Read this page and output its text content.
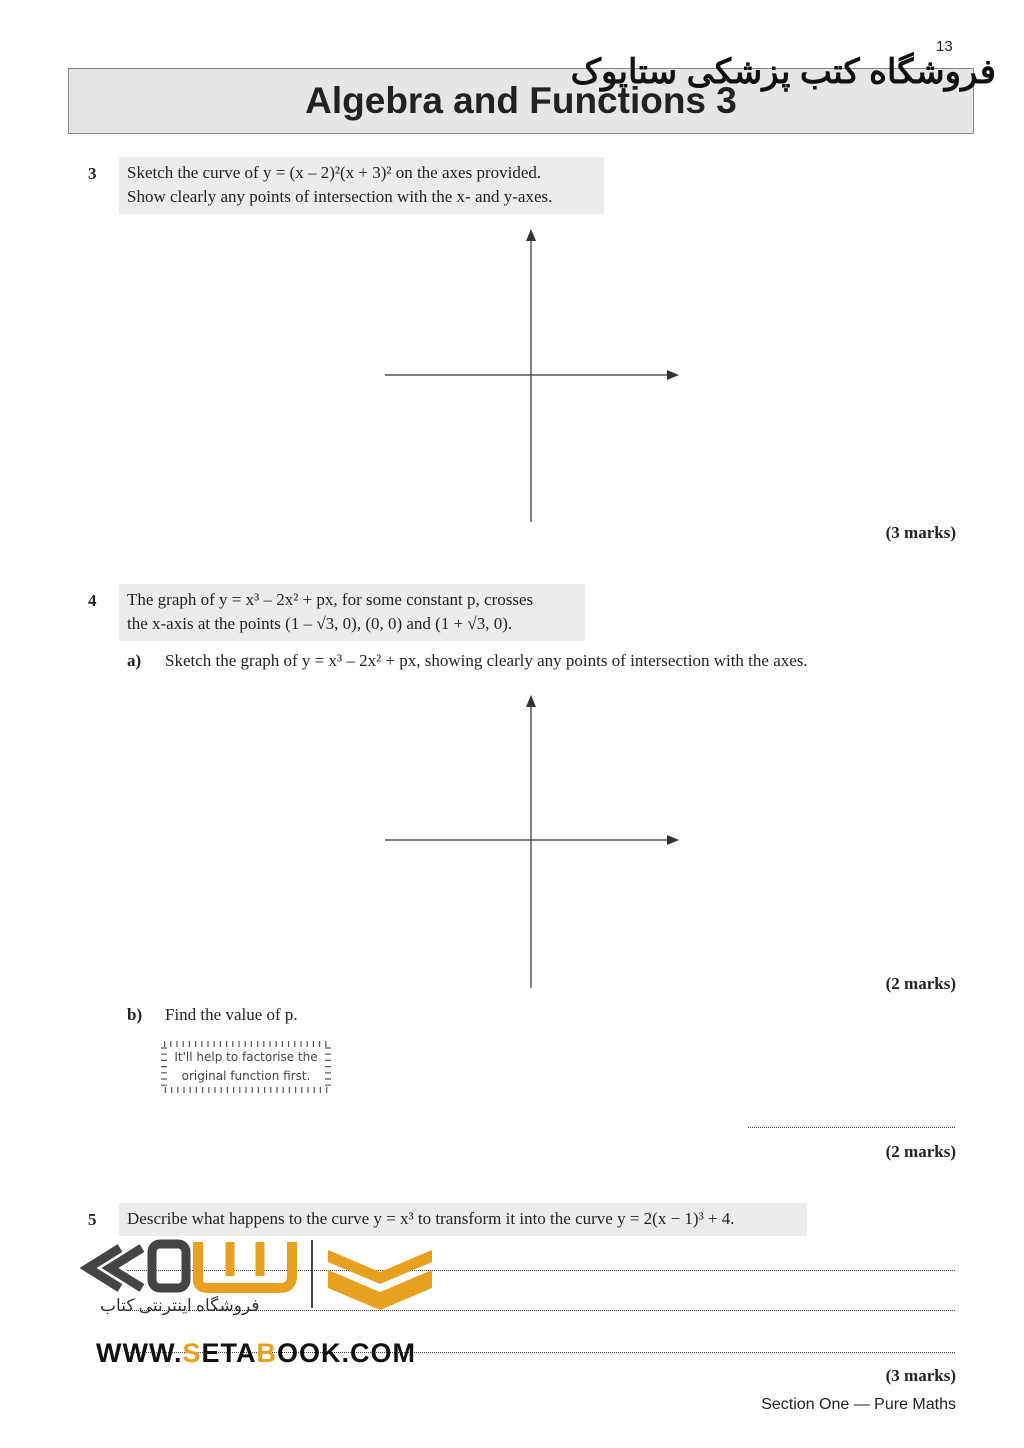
13
Algebra and Functions 3
فروشگاه کتب پزشکی ستاپوک
3 Sketch the curve of y = (x – 2)²(x + 3)² on the axes provided.
Show clearly any points of intersection with the x- and y-axes.
(3 marks)
4 The graph of y = x³ – 2x² + px, for some constant p, crosses
the x-axis at the points (1 – √3, 0), (0, 0) and (1 + √3, 0).
a) Sketch the graph of y = x³ – 2x² + px, showing clearly any points of intersection with the axes.
(2 marks)
b) Find the value of p.
It'll help to factorise the
original function first.
(2 marks)
5 Describe what happens to the curve y = x³ to transform it into the curve y = 2(x − 1)³ + 4.
(3 marks)
فروشگاه اینترنتی کتاب
WWW.SETABOOK.COM
Section One — Pure Maths
